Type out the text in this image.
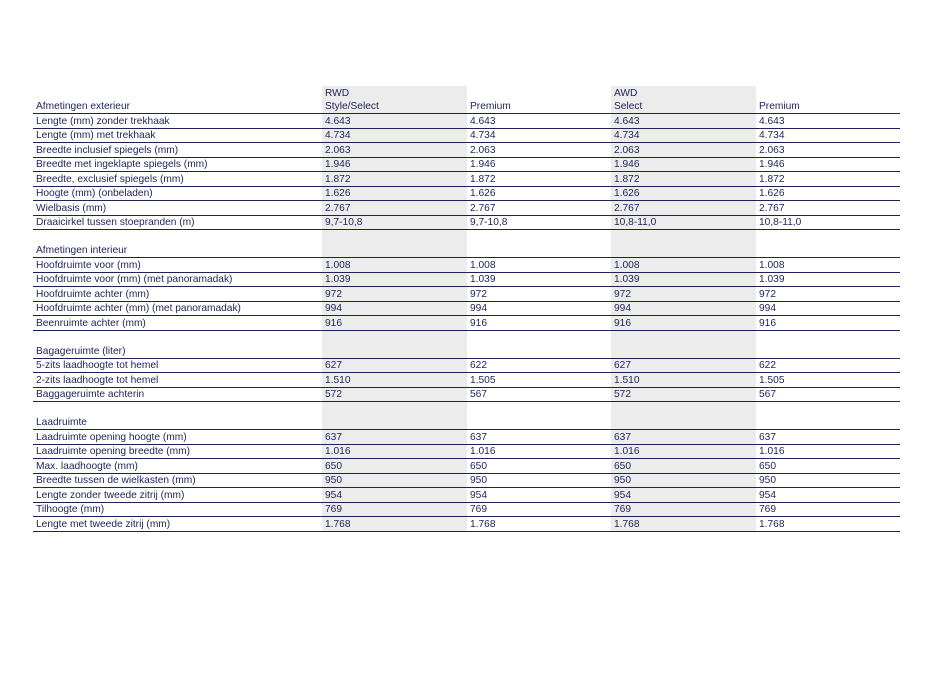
	RWD		AWD	
Afmetingen exterieur	Style/Select	Premium	Select	Premium
Lengte (mm) zonder trekhaak	4.643	4.643	4.643	4.643
Lengte (mm) met trekhaak	4.734	4.734	4.734	4.734
Breedte inclusief spiegels (mm)	2.063	2.063	2.063	2.063
Breedte met ingeklapte spiegels (mm)	1.946	1.946	1.946	1.946
Breedte, exclusief spiegels (mm)	1.872	1.872	1.872	1.872
Hoogte (mm) (onbeladen)	1.626	1.626	1.626	1.626
Wielbasis (mm)	2.767	2.767	2.767	2.767
Draaicirkel tussen stoepranden (m)	9,7-10,8	9,7-10,8	10,8-11,0	10,8-11,0

Afmetingen interieur				
Hoofdruimte voor (mm)	1.008	1.008	1.008	1.008
Hoofdruimte voor (mm) (met panoramadak)	1.039	1.039	1.039	1.039
Hoofdruimte achter (mm)	972	972	972	972
Hoofdruimte achter (mm) (met panoramadak)	994	994	994	994
Beenruimte achter (mm)	916	916	916	916

Bagageruimte (liter)				
5-zits laadhoogte tot hemel	627	622	627	622
2-zits laadhoogte tot hemel	1.510	1.505	1.510	1.505
Baggageruimte achterin	572	567	572	567

Laadruimte				
Laadruimte opening hoogte (mm)	637	637	637	637
Laadruimte opening breedte (mm)	1.016	1.016	1.016	1.016
Max. laadhoogte (mm)	650	650	650	650
Breedte tussen de wielkasten (mm)	950	950	950	950
Lengte zonder tweede zitrij (mm)	954	954	954	954
Tilhoogte (mm)	769	769	769	769
Lengte met tweede zitrij (mm)	1.768	1.768	1.768	1.768
